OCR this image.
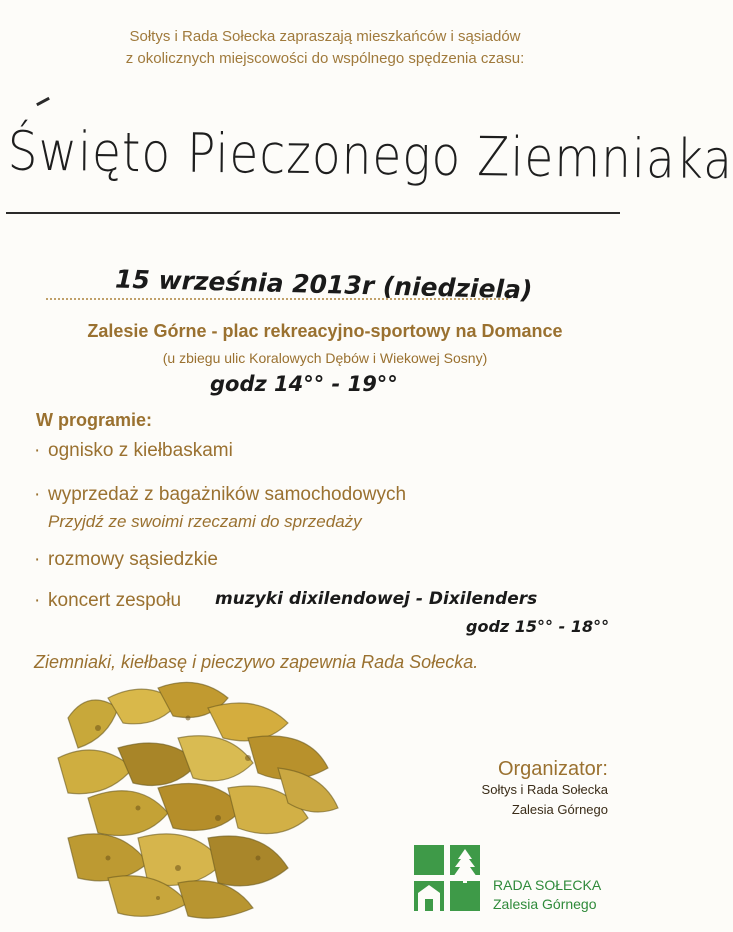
Sołtys i Rada Sołecka zapraszają mieszkańców i sąsiadów
z okolicznych miejscowości do wspólnego spędzenia czasu:
Święto Pieczonego Ziemniaka
15 września 2013r (niedziela)
Zalesie Górne - plac rekreacyjno-sportowy na Domance
(u zbiegu ulic Koralowych Dębów i Wiekowej Sosny)
godz 14°° - 19°°
W programie:
· ognisko z kiełbaskami
· wyprzedaż z bagażników samochodowych
Przyjdź ze swoimi rzeczami do sprzedaży
· rozmowy sąsiedzkie
· koncert zespołu muzyki dixilendowej - Dixilenders
godz 15°° - 18°°
Ziemniaki, kiełbasę i pieczywo zapewnia Rada Sołecka.
Organizator:
Sołtys i Rada Sołecka
Zalesia Górnego
RADA SOŁECKA
Zalesia Górnego
